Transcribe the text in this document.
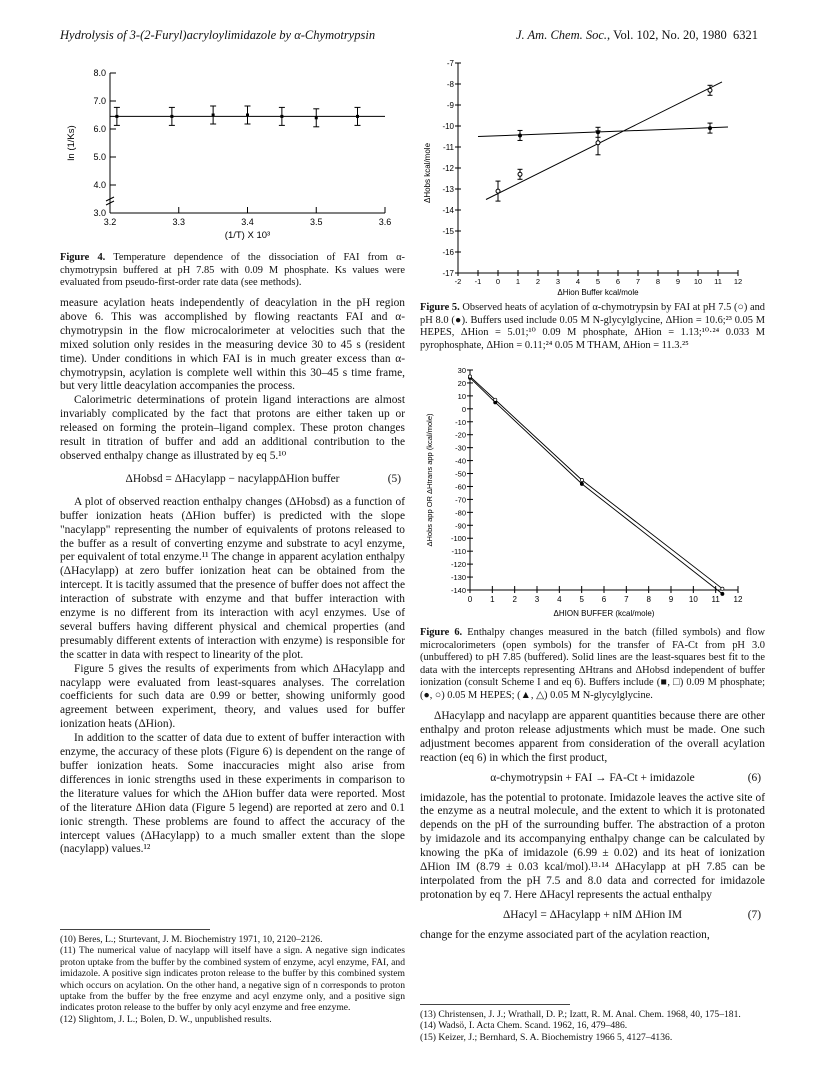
Hydrolysis of 3-(2-Furyl)acryloylimidazole by α-Chymotrypsin	J. Am. Chem. Soc., Vol. 102, No. 20, 1980 6321
8.0
7.0
6.0
5.0
4.0
3.0
3.2	3.3	3.4	3.5	3.6
(1/T) X 10³
ln (1/Ks)
Figure 4. Temperature dependence of the dissociation of FAI from α-chymotrypsin buffered at pH 7.85 with 0.09 M phosphate. Ks values were evaluated from pseudo-first-order rate data (see methods).

measure acylation heats independently of deacylation in the pH region above 6. This was accomplished by flowing reactants FAI and α-chymotrypsin in the flow microcalorimeter at velocities such that the mixed solution only resides in the measuring device 30 to 45 s (resident time). Under conditions in which FAI is in much greater excess than α-chymotrypsin, acylation is complete well within this 30–45 s time frame, but very little deacylation accompanies the process.

Calorimetric determinations of protein ligand interactions are almost invariably complicated by the fact that protons are either taken up or released on forming the protein–ligand complex. These proton changes result in titration of buffer and add an additional contribution to the observed enthalpy change as illustrated by eq 5.¹⁰

ΔHobsd = ΔHacylapp − nacylappΔHion buffer	(5)

A plot of observed reaction enthalpy changes (ΔHobsd) as a function of buffer ionization heats (ΔHion buffer) is predicted with the slope "nacylapp" representing the number of equivalents of protons released to the buffer as a result of converting enzyme and substrate to acyl enzyme, per equivalent of total enzyme.¹¹ The change in apparent acylation enthalpy (ΔHacylapp) at zero buffer ionization heat can be obtained from the intercept. It is tacitly assumed that the presence of buffer does not affect the interaction of substrate with enzyme and that buffer interaction with enzyme is no different from its interaction with acyl enzymes. Use of several buffers having different physical and chemical properties (and presumably different extents of interaction with enzyme) is responsible for the scatter in data with respect to linearity of the plot.

Figure 5 gives the results of experiments from which ΔHacylapp and nacylapp were evaluated from least-squares analyses. The correlation coefficients for such data are 0.99 or better, showing uniformly good agreement between experiment, theory, and values used for buffer ionization heats (ΔHion).

In addition to the scatter of data due to extent of buffer interaction with enzyme, the accuracy of these plots (Figure 6) is dependent on the range of buffer ionization heats. Some inaccuracies might also arise from differences in ionic strengths used in these experiments in comparison to the literature values for which the ΔHion buffer data were reported. Most of the literature ΔHion data (Figure 5 legend) are reported at zero and 0.1 ionic strength. These problems are found to affect the accuracy of the intercept values (ΔHacylapp) to a much smaller extent than the slope (nacylapp) values.¹²

(10) Beres, L.; Sturtevant, J. M. Biochemistry 1971, 10, 2120–2126.

(11) The numerical value of nacylapp will itself have a sign. A negative sign indicates proton uptake from the buffer by the combined system of enzyme, acyl enzyme, FAI, and imidazole. A positive sign indicates proton release to the buffer by this combined system which occurs on acylation. On the other hand, a negative sign of n corresponds to proton uptake from the buffer by the free enzyme and acyl enzyme only, and a positive sign indicates proton release to the buffer by only acyl enzyme and free enzyme.

(12) Slightom, J. L.; Bolen, D. W., unpublished results.

-7
-8
-9
-10
-11
-12
-13
-14
-15
-16
-17
-2 -1 0 1 2 3 4 5 6 7 8 9 10 11 12
ΔHion Buffer kcal/mole
ΔHobs kcal/mole
Figure 5. Observed heats of acylation of α-chymotrypsin by FAI at pH 7.5 (○) and pH 8.0 (●). Buffers used include 0.05 M N-glycylglycine, ΔHion = 10.6;²³ 0.05 M HEPES, ΔHion = 5.01;¹⁰ 0.09 M phosphate, ΔHion = 1.13;¹⁰·²⁴ 0.033 M pyrophosphate, ΔHion = 0.11;²⁴ 0.05 M THAM, ΔHion = 11.3.²⁵
30
20
10
0
-10
-20
-30
-40
-50
-60
-70
-80
-90
-100
-110
-120
-130
-140
0 1 2 3 4 5 6 7 8 9 10 11 12
ΔHION BUFFER (kcal/mole)
ΔHobs app OR ΔHtrans app (kcal/mole)
Figure 6. Enthalpy changes measured in the batch (filled symbols) and flow microcalorimeters (open symbols) for the transfer of FA-Ct from pH 3.0 (unbuffered) to pH 7.85 (buffered). Solid lines are the least-squares best fit to the data with the intercepts representing ΔHtrans and ΔHobsd independent of buffer ionization (consult Scheme I and eq 6). Buffers include (■, □) 0.09 M phosphate; (●, ○) 0.05 M HEPES; (▲, △) 0.05 M N-glycylglycine.

ΔHacylapp and nacylapp are apparent quantities because there are other enthalpy and proton release adjustments which must be made. One such adjustment becomes apparent from consideration of the overall acylation reaction (eq 6) in which the first product,

α-chymotrypsin + FAI → FA-Ct + imidazole	(6)

imidazole, has the potential to protonate. Imidazole leaves the active site of the enzyme as a neutral molecule, and the extent to which it is protonated depends on the pH of the surrounding buffer. The abstraction of a proton by imidazole and its accompanying enthalpy change can be calculated by knowing the pKa of imidazole (6.99 ± 0.02) and its heat of ionization ΔHion IM (8.79 ± 0.03 kcal/mol).¹³·¹⁴ ΔHacylapp at pH 7.85 can be interpolated from the pH 7.5 and 8.0 data and corrected for imidazole protonation by eq 7. Here ΔHacyl represents the actual enthalpy

ΔHacyl = ΔHacylapp + nIM ΔHion IM	(7)

change for the enzyme associated part of the acylation reaction,

(13) Christensen, J. J.; Wrathall, D. P.; Izatt, R. M. Anal. Chem. 1968, 40, 175–181.

(14) Wadsö, I. Acta Chem. Scand. 1962, 16, 479–486.

(15) Keizer, J.; Bernhard, S. A. Biochemistry 1966 5, 4127–4136.
